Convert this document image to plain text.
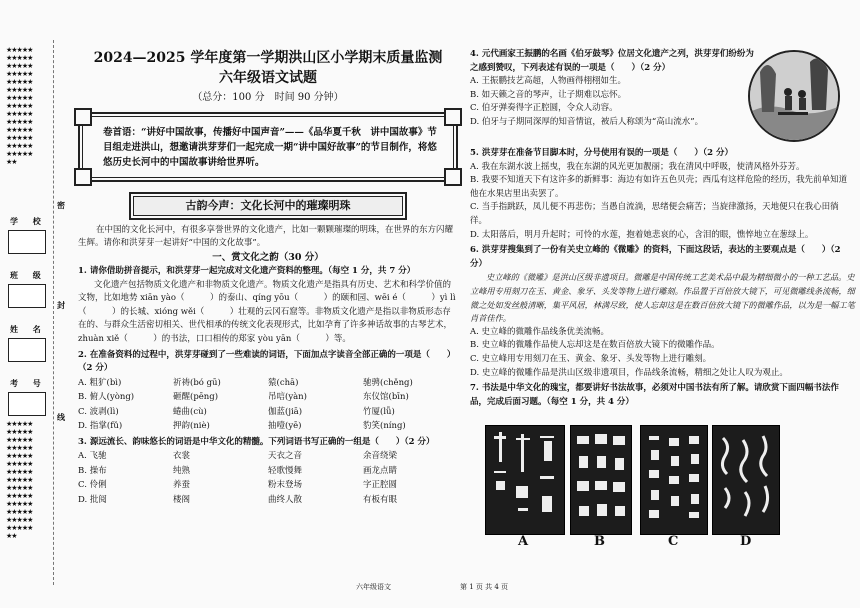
★★★★★★★★★★★★★★★★★★★★★★★★★★★★★★★★★★★★★★★★★★★★★★★★★★★★★★★★★★★★★★★★★★★★★★★★
★★★★★★★★★★★★★★★★★★★★★★★★★★★★★★★★★★★★★★★★★★★★★★★★★★★★★★★★★★★★★★★★★★★★★★★★
学 校
班 级
姓 名
考 号
密
封
线

2024—2025 学年度第一学期洪山区小学期末质量监测

六年级语文试题

（总分：100 分　时间 90 分钟）

卷首语：“讲好中国故事，传播好中国声音”——《品华夏千秋　讲中国故事》节目组走进洪山，想邀请洪芽芽们一起完成一期“讲中国好故事”的节目制作，将悠悠历史长河中的中国故事讲给世界听。
古韵今声：文化长河中的璀璨明珠

在中国的文化长河中，有很多享誉世界的文化遗产，比如一颗颗璀璨的明珠，在世界的东方闪耀生辉。请你和洪芽芽一起讲好“中国的文化故事”。

一、赏文化之韵（30 分）

1. 请你借助拼音提示，和洪芽芽一起完成对文化遗产资料的整理。（每空 1 分，共 7 分）

文化遗产包括物质文化遗产和非物质文化遗产。物质文化遗产是指具有历史、艺术和科学价值的文物，比如地势 xiān yào（　　　）的泰山、qíng yōu（　　　）的颐和园、wēi é（　　　）yì lì（　　　）的长城、xióng wěi（　　　）壮观的云冈石窟等。非物质文化遗产是指以非物质形态存在的、与群众生活密切相关、世代相承的传统文化表现形式，比如孕育了许多神话故事的古琴艺术，zhuàn xiě（　　　）的书法，口口相传的郑家 yòu yān（　　　）等。

2. 在准备资料的过程中，洪芽芽碰到了一些难读的词语，下面加点字读音全部正确的一项是（　　）（2 分）

A. 粗犷(bì)	祈祷(bó gū)	猿(chā)	驰骋(chěng)
B. 俯人(yòng)	砸醒(pēng)	吊唁(yàn)	东仪馆(bīn)
C. 波剥(lì)	蜷曲(cù)	伽蓝(jiā)	竹厦(lǚ)
D. 指掌(fǔ)	押韵(niè)	抽噎(yē)	豹笑(níng)

3. 源远流长、韵味悠长的词语是中华文化的精髓。下列词语书写正确的一组是（　　）（2 分）

A. 飞驰	衣裳	天衣之音	余音绕梁
B. 操布	纯熟	轻歌慢舞	画龙点睛
C. 伶俐	养蚕	粉末登场	字正腔圆
D. 批阅	楼阁	曲终人散	有板有眼

4. 元代画家王振鹏的名画《伯牙鼓琴》位居文化遗产之列，洪芽芽们纷纷为之感到赞叹，下列表述有误的一项是（　　）（2 分）

A. 王振鹏技艺高超，人物画得栩栩如生。

B. 如天籁之音的琴声，让子期难以忘怀。

C. 伯牙弹奏得字正腔圆，令众人动容。

D. 伯牙与子期同深厚的知音情谊，被后人称颂为“高山流水”。

5. 洪芽芽在准备节目脚本时，分号使用有误的一项是（　　）（2 分）

A. 我在东湖水波上摇曳，我在东湖的风光更加靓丽；我在清风中呼吸，使清风格外芬芳。

B. 我要不知道天下有这许多的新鲜事：海边有如许五色贝壳；西瓜有这样危险的经历，我先前单知道他在水果店里出卖罢了。

C. 当手指跳跃，凤儿便不再悲伤；当愚自流淌，思绪便会痛苦；当旋律激扬，天地便只在我心田徜徉。

D. 太阳落后，明月升起时；可怜的水莲，抱着她悲哀的心，含泪的眼，憔悴地立在葱绿上。

6. 洪芽芽搜集到了一份有关史立峰的《微雕》的资料，下面这段话，表达的主要观点是（　　）（2 分）

史立峰的《微雕》是洪山区级非遗项目。微雕是中国传统工艺美术品中最为精细微小的一种工艺品。史立峰用专用刻刀在玉、黄金、象牙、头发等物上进行雕刻。作品置于百倍放大镜下，可见微雕线条流畅，细微之处如发丝般清晰，集平风居，林满尽致，使人忘却这是在数百倍放大镜下的微雕作品，以为是一幅工笔肖首佳作。

A. 史立峰的微雕作品线条优美流畅。

B. 史立峰的微雕作品使人忘却这是在数百倍放大镜下的微雕作品。

C. 史立峰用专用刻刀在玉、黄金、象牙、头发等物上进行雕刻。

D. 史立峰的微雕作品是洪山区级非遗项目，作品线条流畅，精细之处让人叹为观止。

7. 书法是中华文化的瑰宝，都要讲好书法故事，必须对中国书法有所了解。请欣赏下面四幅书法作品，完成后面习题。（每空 1 分，共 4 分）

A	B	C	D
六年级语文	第 1 页 共 4 页
